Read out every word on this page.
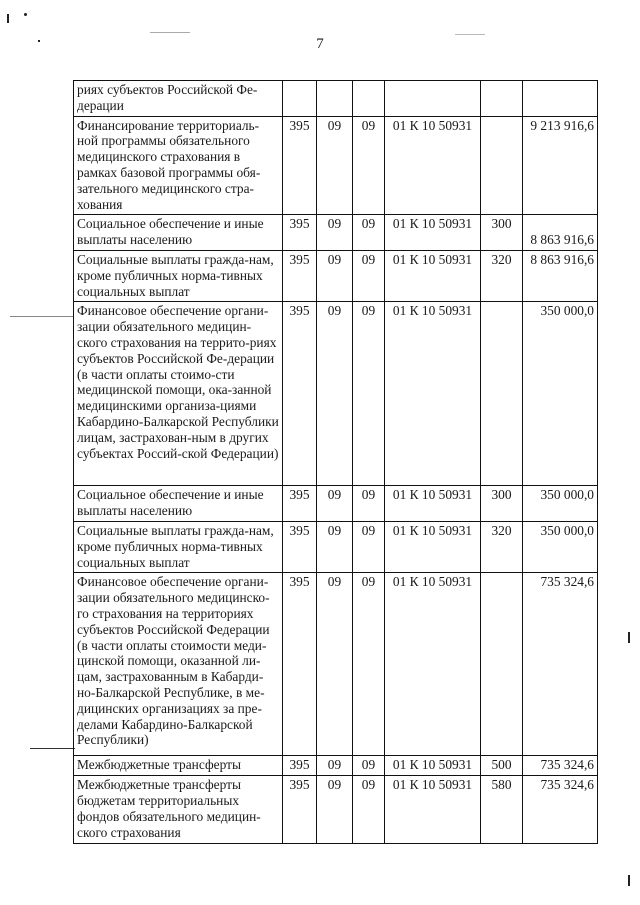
7
риях субъектов Российской Фе-дерации						
Финансирование территориаль-ной программы обязательного медицинского страхования в рамках базовой программы обя-зательного медицинского стра-хования	395	09	09	01 К 10 50931		9 213 916,6
Социальное обеспечение и иные выплаты населению	395	09	09	01 К 10 50931	300	8 863 916,6
Социальные выплаты гражда-нам, кроме публичных норма-тивных социальных выплат	395	09	09	01 К 10 50931	320	8 863 916,6
Финансовое обеспечение органи-зации обязательного медицин-ского страхования на террито-риях субъектов Российской Фе-дерации (в части оплаты стоимо-сти медицинской помощи, ока-занной медицинскими организа-циями Кабардино-Балкарской Республики лицам, застрахован-ным в других субъектах Россий-ской Федерации)	395	09	09	01 К 10 50931		350 000,0
Социальное обеспечение и иные выплаты населению	395	09	09	01 К 10 50931	300	350 000,0
Социальные выплаты гражда-нам, кроме публичных норма-тивных социальных выплат	395	09	09	01 К 10 50931	320	350 000,0
Финансовое обеспечение органи-зации обязательного медицинско-го страхования на территориях субъектов Российской Федерации (в части оплаты стоимости меди-цинской помощи, оказанной ли-цам, застрахованным в Кабарди-но-Балкарской Республике, в ме-дицинских организациях за пре-делами Кабардино-Балкарской Республики)	395	09	09	01 К 10 50931		735 324,6
Межбюджетные трансферты	395	09	09	01 К 10 50931	500	735 324,6
Межбюджетные трансферты бюджетам территориальных фондов обязательного медицин-ского страхования	395	09	09	01 К 10 50931	580	735 324,6
